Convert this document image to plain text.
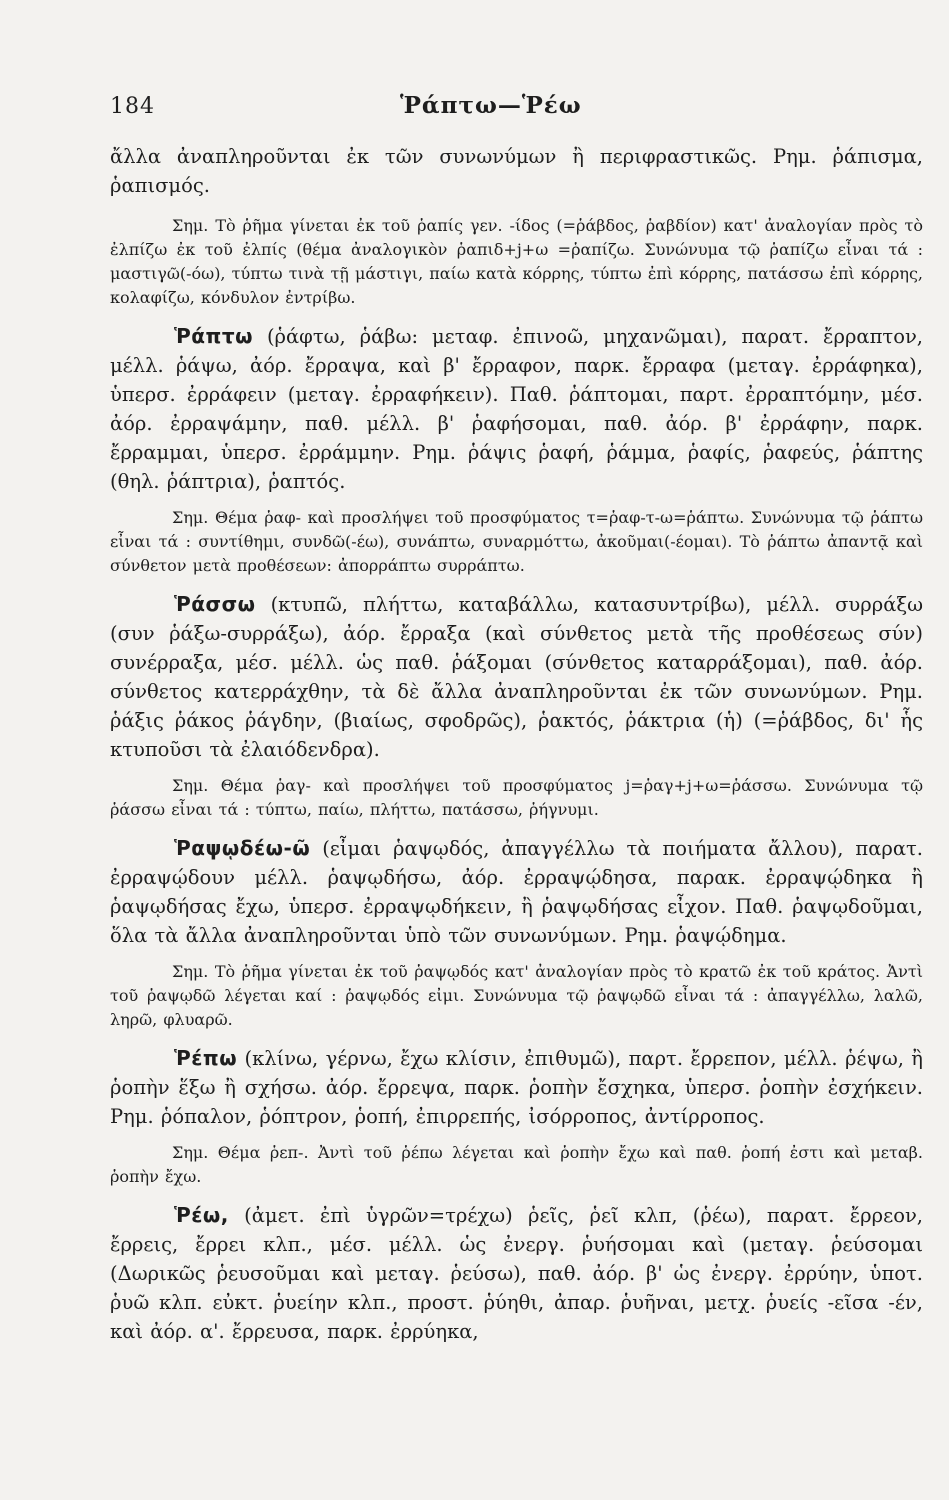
184	Ῥάπτω—Ῥέω

ἄλλα ἀναπληροῦνται ἐκ τῶν συνωνύμων ἢ περιφραστικῶς. Ρημ. ῥάπισμα, ῥαπισμός.

Σημ. Τὸ ῥῆμα γίνεται ἐκ τοῦ ῥαπίς γεν. -ίδος (=ῥάβδος, ῥαβδίον) κατ' ἀναλογίαν πρὸς τὸ ἐλπίζω ἐκ τοῦ ἐλπίς (θέμα ἀναλογικὸν ῥαπιδ+j+ω =ῥαπίζω. Συνώνυμα τῷ ῥαπίζω εἶναι τά : μαστιγῶ(-όω), τύπτω τινὰ τῇ μάστιγι, παίω κατὰ κόρρης, τύπτω ἐπὶ κόρρης, πατάσσω ἐπὶ κόρρης, κολαφίζω, κόνδυλον ἐντρίβω.

Ῥάπτω (ῥάφτω, ῥάβω: μεταφ. ἐπινοῶ, μηχανῶμαι), παρατ. ἔρραπτον, μέλλ. ῥάψω, ἀόρ. ἔρραψα, καὶ β' ἔρραφον, παρκ. ἔρραφα (μεταγ. ἐρράφηκα), ὑπερσ. ἐρράφειν (μεταγ. ἐρραφήκειν). Παθ. ῥάπτομαι, παρτ. ἐρραπτόμην, μέσ. ἀόρ. ἐρραψάμην, παθ. μέλλ. β' ῥαφήσομαι, παθ. ἀόρ. β' ἐρράφην, παρκ. ἔρραμμαι, ὑπερσ. ἐρράμμην. Ρημ. ῥάψις ῥαφή, ῥάμμα, ῥαφίς, ῥαφεύς, ῥάπτης (θηλ. ῥάπτρια), ῥαπτός.

Σημ. Θέμα ῥαφ- καὶ προσλήψει τοῦ προσφύματος τ=ῥαφ-τ-ω=ῥάπτω. Συνώνυμα τῷ ῥάπτω εἶναι τά : συντίθημι, συνδῶ(-έω), συνάπτω, συναρμόττω, ἀκοῦμαι(-έομαι). Τὸ ῥάπτω ἀπαντᾷ καὶ σύνθετον μετὰ προθέσεων: ἀπορράπτω συρράπτω.

Ῥάσσω (κτυπῶ, πλήττω, καταβάλλω, κατασυντρίβω), μέλλ. συρράξω (συν ῥάξω-συρράξω), ἀόρ. ἔρραξα (καὶ σύνθετος μετὰ τῆς προθέσεως σύν) συνέρραξα, μέσ. μέλλ. ὡς παθ. ῥάξομαι (σύνθετος καταρράξομαι), παθ. ἀόρ. σύνθετος κατερράχθην, τὰ δὲ ἄλλα ἀναπληροῦνται ἐκ τῶν συνωνύμων. Ρημ. ῥάξις ῥάκος ῥάγδην, (βιαίως, σφοδρῶς), ῥακτός, ῥάκτρια (ἡ) (=ῥάβδος, δι' ἧς κτυποῦσι τὰ ἐλαιόδενδρα).

Σημ. Θέμα ῥαγ- καὶ προσλήψει τοῦ προσφύματος j=ῥαγ+j+ω=ῥάσσω. Συνώνυμα τῷ ῥάσσω εἶναι τά : τύπτω, παίω, πλήττω, πατάσσω, ῥήγνυμι.

Ῥαψῳδέω-ῶ (εἶμαι ῥαψῳδός, ἀπαγγέλλω τὰ ποιήματα ἄλλου), παρατ. ἐρραψῴδουν μέλλ. ῥαψῳδήσω, ἀόρ. ἐρραψῴδησα, παρακ. ἐρραψῴδηκα ἢ ῥαψῳδήσας ἔχω, ὑπερσ. ἐρραψῳδήκειν, ἢ ῥαψῳδήσας εἶχον. Παθ. ῥαψῳδοῦμαι, ὅλα τὰ ἄλλα ἀναπληροῦνται ὑπὸ τῶν συνωνύμων. Ρημ. ῥαψῴδημα.

Σημ. Τὸ ῥῆμα γίνεται ἐκ τοῦ ῥαψῳδός κατ' ἀναλογίαν πρὸς τὸ κρατῶ ἐκ τοῦ κράτος. Ἀντὶ τοῦ ῥαψῳδῶ λέγεται καί : ῥαψῳδός εἰμι. Συνώνυμα τῷ ῥαψῳδῶ εἶναι τά : ἀπαγγέλλω, λαλῶ, ληρῶ, φλυαρῶ.

Ῥέπω (κλίνω, γέρνω, ἔχω κλίσιν, ἐπιθυμῶ), παρτ. ἔρρεπον, μέλλ. ῥέψω, ἢ ῥοπὴν ἕξω ἢ σχήσω. ἀόρ. ἔρρεψα, παρκ. ῥοπὴν ἔσχηκα, ὑπερσ. ῥοπὴν ἐσχήκειν. Ρημ. ῥόπαλον, ῥόπτρον, ῥοπή, ἐπιρρεπής, ἰσόρροπος, ἀντίρροπος.

Σημ. Θέμα ῥεπ-. Ἀντὶ τοῦ ῥέπω λέγεται καὶ ῥοπὴν ἔχω καὶ παθ. ῥοπή ἐστι καὶ μεταβ. ῥοπὴν ἔχω.

Ῥέω, (ἀμετ. ἐπὶ ὑγρῶν=τρέχω) ῥεῖς, ῥεῖ κλπ, (ῥέω), παρατ. ἔρρεον, ἔρρεις, ἔρρει κλπ., μέσ. μέλλ. ὡς ἐνεργ. ῥυήσομαι καὶ (μεταγ. ῥεύσομαι (Δωρικῶς ῥευσοῦμαι καὶ μεταγ. ῥεύσω), παθ. ἀόρ. β' ὡς ἐνεργ. ἐρρύην, ὑποτ. ῥυῶ κλπ. εὐκτ. ῥυείην κλπ., προστ. ῥύηθι, ἀπαρ. ῥυῆναι, μετχ. ῥυείς -εῖσα -έν, καὶ ἀόρ. α'. ἔρρευσα, παρκ. ἐρρύηκα,
